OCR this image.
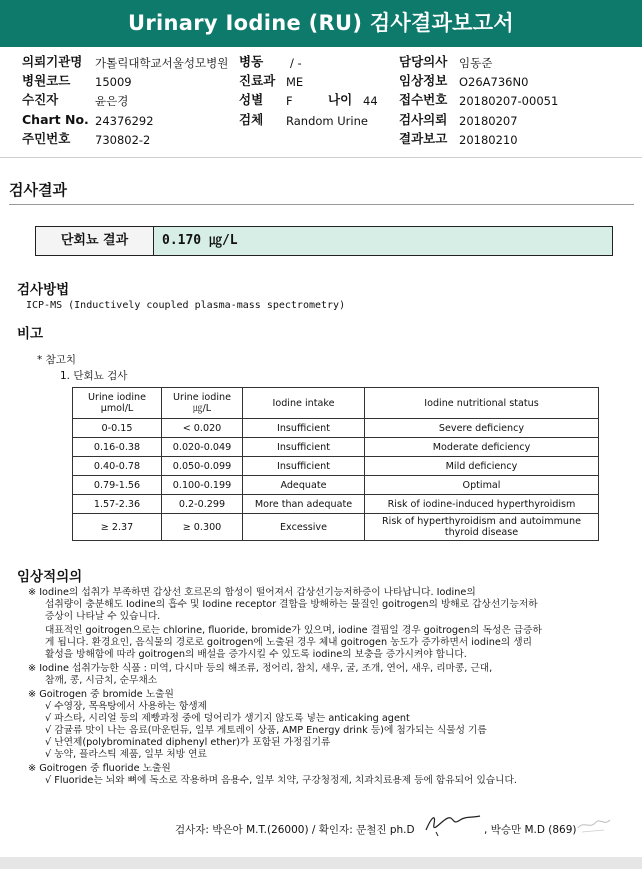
Urinary Iodine (RU) 검사결과보고서
의뢰기관명 가톨릭대학교서울성모병원 병동 / -	담당의사 임동준
병원코드 15009	진료과 ME	임상정보 O26A736N0
수진자	윤은경	성별 F	나이 44 접수번호 20180207-00051
Chart No. 24376292	검체 Random Urine 검사의뢰 20180207
주민번호 730802-2	결과보고 20180210
검사결과
단회뇨 결과	0.170 ㎍/L
검사방법
ICP-MS (Inductively coupled plasma-mass spectrometry)
비고
* 참고치
1. 단회뇨 검사
Urine iodine μmol/L	Urine iodine ㎍/L	Iodine intake	Iodine nutritional status
0-0.15	< 0.020	Insufficient	Severe deficiency
0.16-0.38	0.020-0.049	Insufficient	Moderate deficiency
0.40-0.78	0.050-0.099	Insufficient	Mild deficiency
0.79-1.56	0.100-0.199	Adequate	Optimal
1.57-2.36	0.2-0.299	More than adequate	Risk of iodine-induced hyperthyroidism
≥ 2.37	≥ 0.300	Excessive	Risk of hyperthyroidism and autoimmune thyroid disease
임상적의의
※ Iodine의 섭취가 부족하면 갑상선 호르몬의 합성이 떨어져서 갑상선기능저하증이 나타납니다. Iodine의
섭취량이 충분해도 Iodine의 흡수 및 Iodine receptor 결합을 방해하는 물질인 goitrogen의 방해로 갑상선기능저하
증상이 나타날 수 있습니다.
대표적인 goitrogen으로는 chlorine, fluoride, bromide가 있으며, iodine 결핍일 경우 goitrogen의 독성은 급증하
게 됩니다. 환경요인, 음식물의 경로로 goitrogen에 노출된 경우 체내 goitrogen 농도가 증가하면서 iodine의 생리
활성을 방해함에 따라 goitrogen의 배설을 증가시킬 수 있도록 iodine의 보충을 증가시켜야 합니다.
※ Iodine 섭취가능한 식품 : 미역, 다시마 등의 해조류, 정어리, 참치, 새우, 굴, 조개, 연어, 새우, 리마콩, 근대,
참깨, 콩, 시금치, 순무채소
※ Goitrogen 중 bromide 노출원
√ 수영장, 목욕탕에서 사용하는 항생제
√ 파스타, 시리얼 등의 제빵과정 중에 덩어리가 생기지 않도록 넣는 anticaking agent
√ 감귤류 맛이 나는 음료(마운틴듀, 일부 게토레이 상품, AMP Energy drink 등)에 첨가되는 식물성 기름
√ 난연제(polybrominated diphenyl ether)가 포함된 가정집기류
√ 농약, 플라스틱 제품, 일부 처방 연료
※ Goitrogen 중 fluoride 노출원
√ Fluoride는 뇌와 뼈에 독소로 작용하며 음용수, 일부 치약, 구강청정제, 치과치료용제 등에 함유되어 있습니다.
검사자: 박은아 M.T.(26000) / 확인자: 문철진 ph.D	, 박승만 M.D (869)
